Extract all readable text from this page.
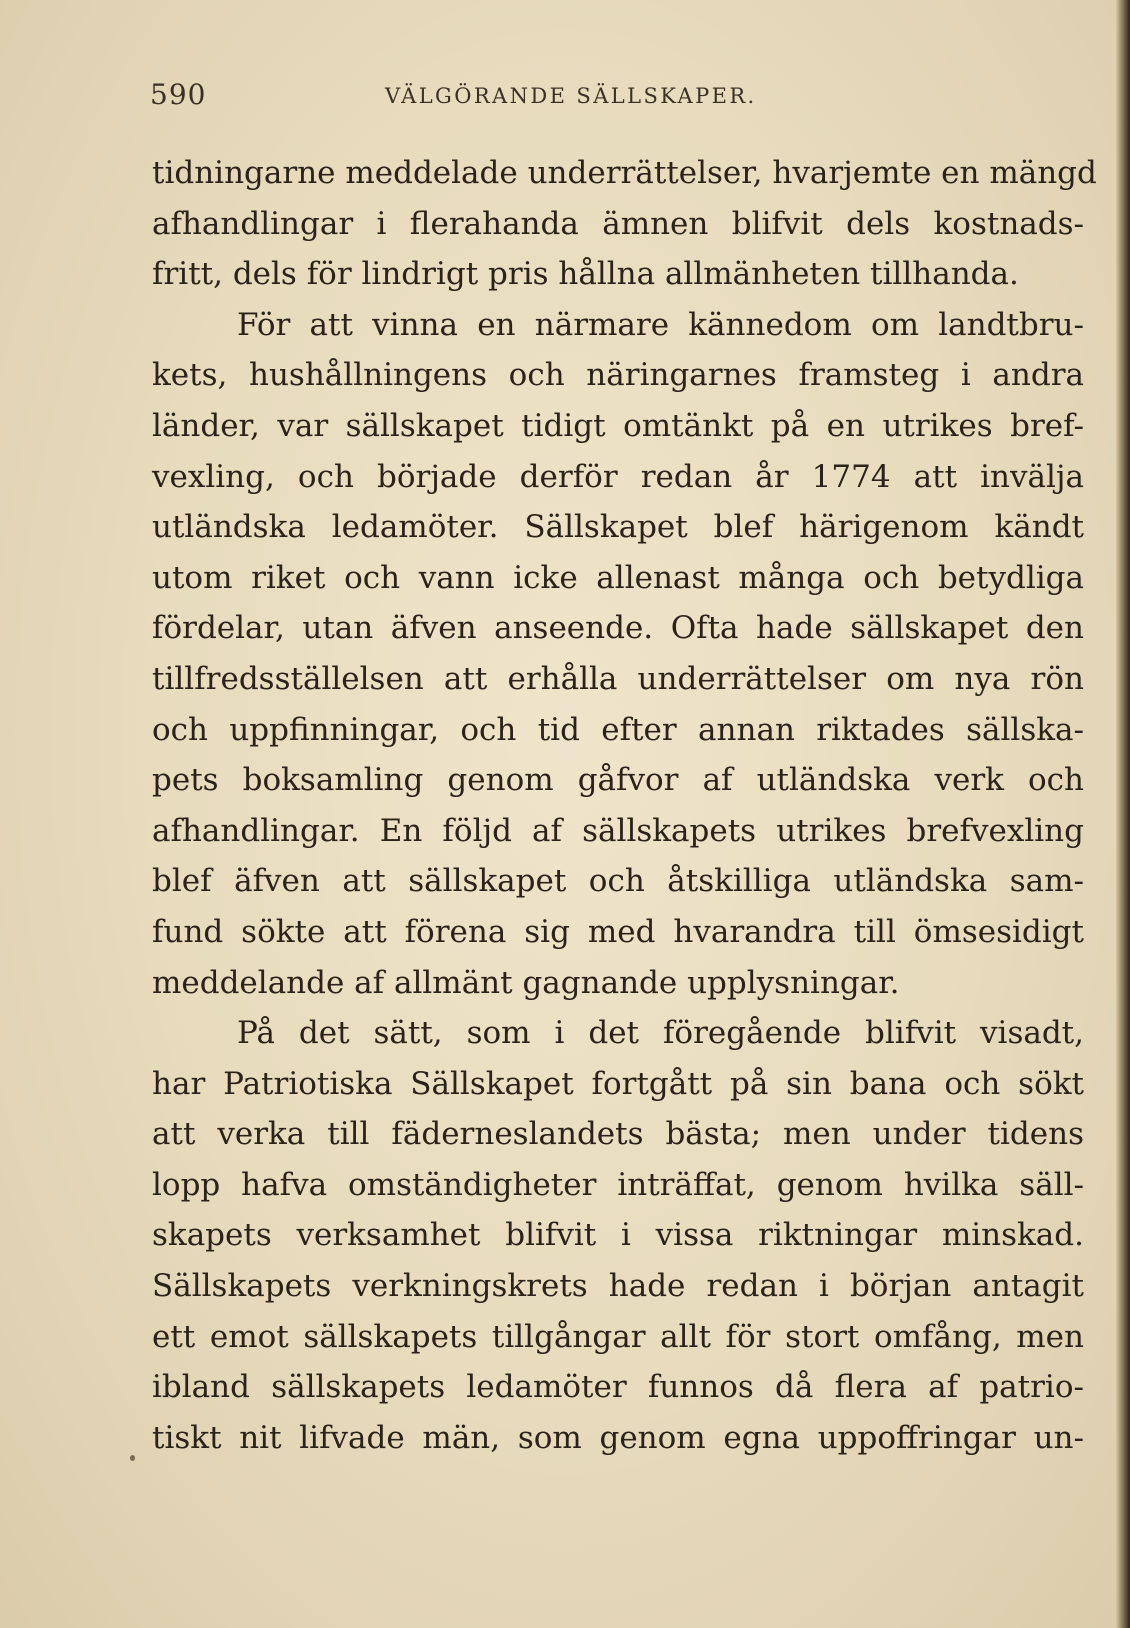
590	VÄLGÖRANDE SÄLLSKAPER.
tidningarne meddelade underrättelser, hvarjemte en mängd
afhandlingar i flerahanda ämnen blifvit dels kostnads-
fritt, dels för lindrigt pris hållna allmänheten tillhanda.
För att vinna en närmare kännedom om landtbru-
kets, hushållningens och näringarnes framsteg i andra
länder, var sällskapet tidigt omtänkt på en utrikes bref-
vexling, och började derför redan år 1774 att inväljа
utländska ledamöter. Sällskapet blef härigenom kändt
utom riket och vann icke allenast många och betydliga
fördelar, utan äfven anseende. Ofta hade sällskapet den
tillfredsställelsen att erhålla underrättelser om nya rön
och uppfinningar, och tid efter annan riktades sällska-
pets boksamling genom gåfvor af utländska verk och
afhandlingar. En följd af sällskapets utrikes brefvexling
blef äfven att sällskapet och åtskilliga utländska sam-
fund sökte att förena sig med hvarandra till ömsesidigt
meddelande af allmänt gagnande upplysningar.
På det sätt, som i det föregående blifvit visadt,
har Patriotiska Sällskapet fortgått på sin bana och sökt
att verka till fäderneslandets bästa; men under tidens
lopp hafva omständigheter inträffat, genom hvilka säll-
skapets verksamhet blifvit i vissa riktningar minskad.
Sällskapets verkningskrets hade redan i början antagit
ett emot sällskapets tillgångar allt för stort omfång, men
ibland sällskapets ledamöter funnos då flera af patrio-
tiskt nit lifvade män, som genom egna uppoffringar un-
